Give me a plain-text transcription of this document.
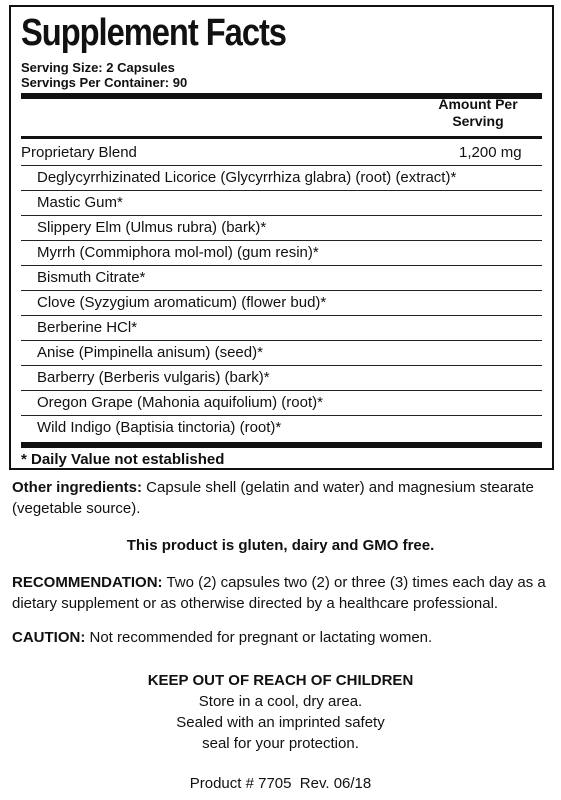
Supplement Facts
Serving Size: 2 Capsules
Servings Per Container: 90
Amount Per
Serving
Proprietary Blend	1,200 mg
Deglycyrrhizinated Licorice (Glycyrrhiza glabra) (root) (extract)*
Mastic Gum*
Slippery Elm (Ulmus rubra) (bark)*
Myrrh (Commiphora mol-mol) (gum resin)*
Bismuth Citrate*
Clove (Syzygium aromaticum) (flower bud)*
Berberine HCl*
Anise (Pimpinella anisum) (seed)*
Barberry (Berberis vulgaris) (bark)*
Oregon Grape (Mahonia aquifolium) (root)*
Wild Indigo (Baptisia tinctoria) (root)*
* Daily Value not established
Other ingredients: Capsule shell (gelatin and water) and magnesium stearate (vegetable source).
This product is gluten, dairy and GMO free.
RECOMMENDATION: Two (2) capsules two (2) or three (3) times each day as a dietary supplement or as otherwise directed by a healthcare professional.
CAUTION: Not recommended for pregnant or lactating women.
KEEP OUT OF REACH OF CHILDREN
Store in a cool, dry area.
Sealed with an imprinted safety
seal for your protection.
Product # 7705  Rev. 06/18
